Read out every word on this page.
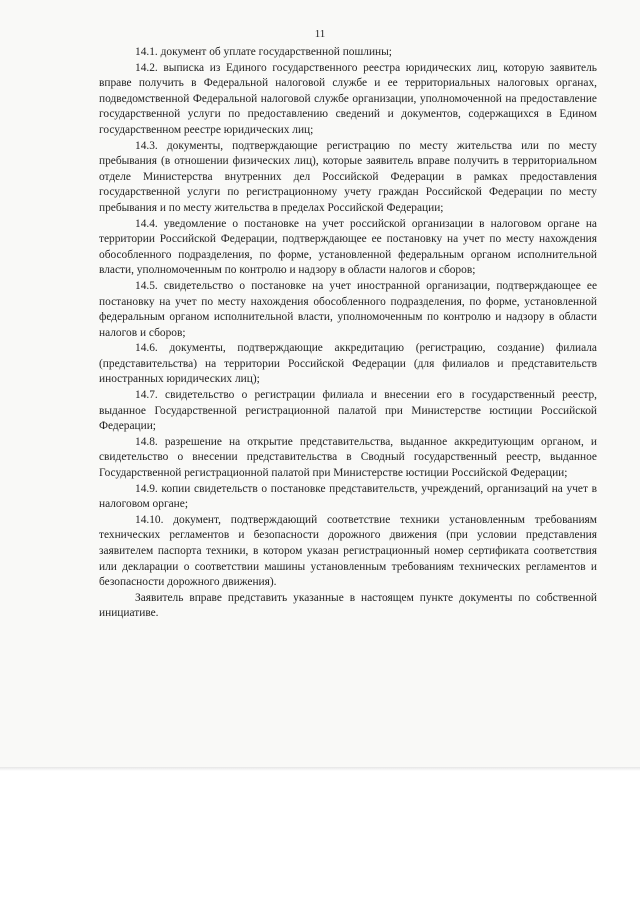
11

14.1. документ об уплате государственной пошлины;

14.2. выписка из Единого государственного реестра юридических лиц, которую заявитель вправе получить в Федеральной налоговой службе и ее территориальных налоговых органах, подведомственной Федеральной налоговой службе организации, уполномоченной на предоставление государственной услуги по предоставлению сведений и документов, содержащихся в Едином государственном реестре юридических лиц;

14.3. документы, подтверждающие регистрацию по месту жительства или по месту пребывания (в отношении физических лиц), которые заявитель вправе получить в территориальном отделе Министерства внутренних дел Российской Федерации в рамках предоставления государственной услуги по регистрационному учету граждан Российской Федерации по месту пребывания и по месту жительства в пределах Российской Федерации;

14.4. уведомление о постановке на учет российской организации в налоговом органе на территории Российской Федерации, подтверждающее ее постановку на учет по месту нахождения обособленного подразделения, по форме, установленной федеральным органом исполнительной власти, уполномоченным по контролю и надзору в области налогов и сборов;

14.5. свидетельство о постановке на учет иностранной организации, подтверждающее ее постановку на учет по месту нахождения обособленного подразделения, по форме, установленной федеральным органом исполнительной власти, уполномоченным по контролю и надзору в области налогов и сборов;

14.6. документы, подтверждающие аккредитацию (регистрацию, создание) филиала (представительства) на территории Российской Федерации (для филиалов и представительств иностранных юридических лиц);

14.7. свидетельство о регистрации филиала и внесении его в государственный реестр, выданное Государственной регистрационной палатой при Министерстве юстиции Российской Федерации;

14.8. разрешение на открытие представительства, выданное аккредитующим органом, и свидетельство о внесении представительства в Сводный государственный реестр, выданное Государственной регистрационной палатой при Министерстве юстиции Российской Федерации;

14.9. копии свидетельств о постановке представительств, учреждений, организаций на учет в налоговом органе;

14.10. документ, подтверждающий соответствие техники установленным требованиям технических регламентов и безопасности дорожного движения (при условии представления заявителем паспорта техники, в котором указан регистрационный номер сертификата соответствия или декларации о соответствии машины установленным требованиям технических регламентов и безопасности дорожного движения).

Заявитель вправе представить указанные в настоящем пункте документы по собственной инициативе.
